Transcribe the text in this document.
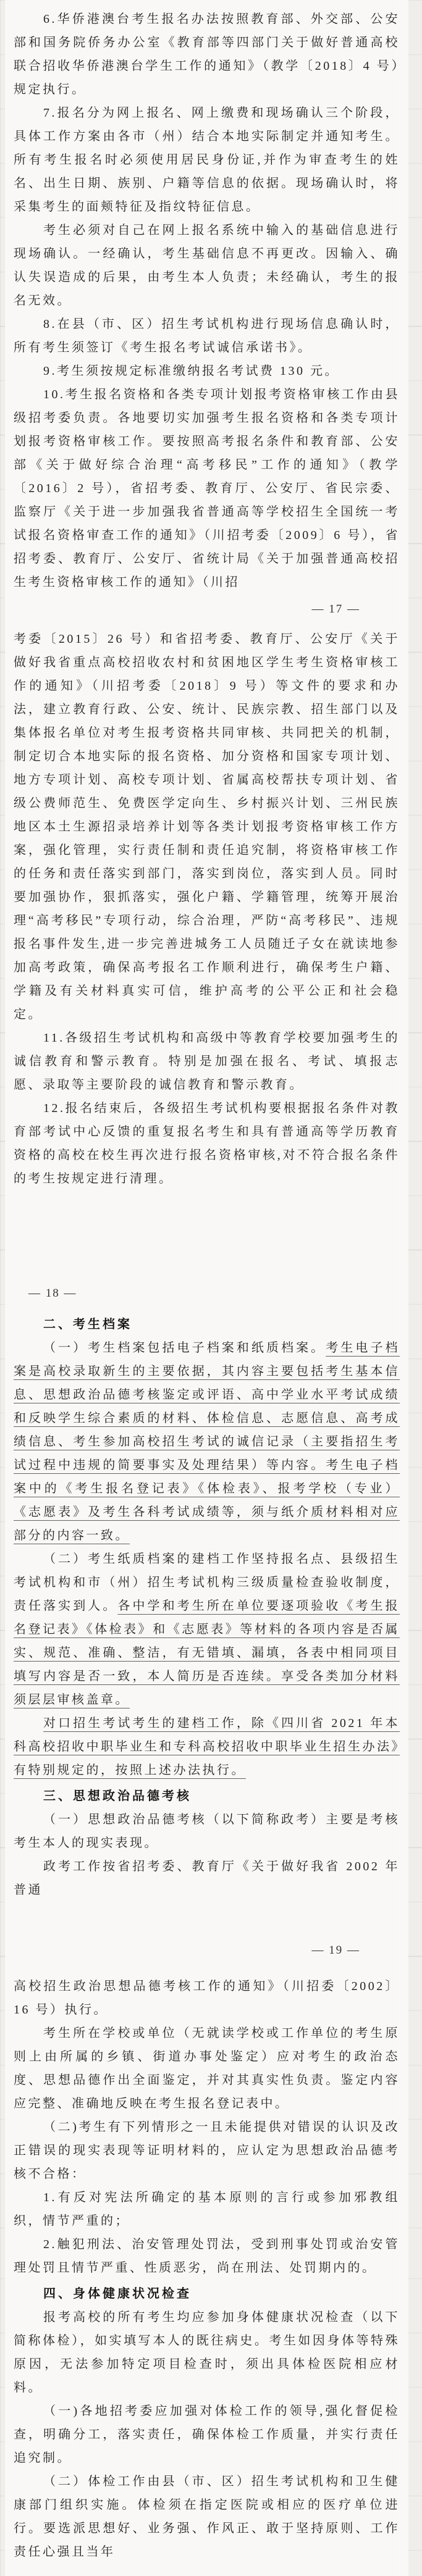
6.华侨港澳台考生报名办法按照教育部、外交部、公安部和国务院侨务办公室《教育部等四部门关于做好普通高校联合招收华侨港澳台学生工作的通知》（教学〔2018〕4 号）规定执行。

7.报名分为网上报名、网上缴费和现场确认三个阶段，具体工作方案由各市（州）结合本地实际制定并通知考生。所有考生报名时必须使用居民身份证,并作为审查考生的姓名、出生日期、族别、户籍等信息的依据。现场确认时，将采集考生的面颊特征及指纹特征信息。

考生必须对自己在网上报名系统中输入的基础信息进行现场确认。一经确认，考生基础信息不再更改。因输入、确认失误造成的后果，由考生本人负责；未经确认，考生的报名无效。

8.在县（市、区）招生考试机构进行现场信息确认时，所有考生须签订《考生报名考试诚信承诺书》。

9.考生须按规定标准缴纳报名考试费 130 元。

10.考生报名资格和各类专项计划报考资格审核工作由县级招考委负责。各地要切实加强考生报名资格和各类专项计划报考资格审核工作。要按照高考报名条件和教育部、公安部《关于做好综合治理“高考移民”工作的通知》（教学〔2016〕2 号），省招考委、教育厅、公安厅、省民宗委、监察厅《关于进一步加强我省普通高等学校招生全国统一考试报名资格审查工作的通知》（川招考委〔2009〕6 号），省招考委、教育厅、公安厅、省统计局《关于加强普通高校招生考生资格审核工作的通知》（川招

— 17 —

考委〔2015〕26 号）和省招考委、教育厅、公安厅《关于做好我省重点高校招收农村和贫困地区学生考生资格审核工作的通知》（川招考委〔2018〕9 号）等文件的要求和办法，建立教育行政、公安、统计、民族宗教、招生部门以及集体报名单位对考生报考资格共同审核、共同把关的机制，制定切合本地实际的报名资格、加分资格和国家专项计划、地方专项计划、高校专项计划、省属高校帮扶专项计划、省级公费师范生、免费医学定向生、乡村振兴计划、三州民族地区本土生源招录培养计划等各类计划报考资格审核工作方案，强化管理，实行责任制和责任追究制，将资格审核工作的任务和责任落实到部门，落实到岗位，落实到人员。同时要加强协作，狠抓落实，强化户籍、学籍管理，统筹开展治理“高考移民”专项行动，综合治理，严防“高考移民”、违规报名事件发生,进一步完善进城务工人员随迁子女在就读地参加高考政策，确保高考报名工作顺利进行，确保考生户籍、学籍及有关材料真实可信，维护高考的公平公正和社会稳定。

11.各级招生考试机构和高级中等教育学校要加强考生的诚信教育和警示教育。特别是加强在报名、考试、填报志愿、录取等主要阶段的诚信教育和警示教育。

12.报名结束后，各级招生考试机构要根据报名条件对教育部考试中心反馈的重复报名考生和具有普通高等学历教育资格的高校在校生再次进行报名资格审核,对不符合报名条件的考生按规定进行清理。

— 18 —
二、考生档案

（一）考生档案包括电子档案和纸质档案。考生电子档案是高校录取新生的主要依据，其内容主要包括考生基本信息、思想政治品德考核鉴定或评语、高中学业水平考试成绩和反映学生综合素质的材料、体检信息、志愿信息、高考成绩信息、考生参加高校招生考试的诚信记录（主要指招生考试过程中违规的简要事实及处理结果）等内容。考生电子档案中的《考生报名登记表》《体检表》、报考学校（专业）《志愿表》及考生各科考试成绩等，须与纸介质材料相对应部分的内容一致。

（二）考生纸质档案的建档工作坚持报名点、县级招生考试机构和市（州）招生考试机构三级质量检查验收制度，责任落实到人。各中学和考生所在单位要逐项验收《考生报名登记表》《体检表》和《志愿表》等材料的各项内容是否属实、规范、准确、整洁，有无错填、漏填，各表中相同项目填写内容是否一致，本人简历是否连续。享受各类加分材料须层层审核盖章。

对口招生考试考生的建档工作，除《四川省 2021 年本科高校招收中职毕业生和专科高校招收中职毕业生招生办法》有特别规定的，按照上述办法执行。

三、思想政治品德考核

（一）思想政治品德考核（以下简称政考）主要是考核考生本人的现实表现。

政考工作按省招考委、教育厅《关于做好我省 2002 年普通

— 19 —

高校招生政治思想品德考核工作的通知》（川招委〔2002〕16 号）执行。

考生所在学校或单位（无就读学校或工作单位的考生原则上由所属的乡镇、街道办事处鉴定）应对考生的政治态度、思想品德作出全面鉴定，并对其真实性负责。鉴定内容应完整、准确地反映在考生报名登记表中。

（二)考生有下列情形之一且未能提供对错误的认识及改正错误的现实表现等证明材料的，应认定为思想政治品德考核不合格：

1.有反对宪法所确定的基本原则的言行或参加邪教组织，情节严重的；

2.触犯刑法、治安管理处罚法，受到刑事处罚或治安管理处罚且情节严重、性质恶劣，尚在刑法、处罚期内的。

四、身体健康状况检查

报考高校的所有考生均应参加身体健康状况检查（以下简称体检），如实填写本人的既往病史。考生如因身体等特殊原因，无法参加特定项目检查时，须出具体检医院相应材料。

（一)各地招考委应加强对体检工作的领导,强化督促检查，明确分工，落实责任，确保体检工作质量，并实行责任追究制。

（二）体检工作由县（市、区）招生考试机构和卫生健康部门组织实施。体检须在指定医院或相应的医疗单位进行。要选派思想好、业务强、作风正、敢于坚持原则、工作责任心强且当年
